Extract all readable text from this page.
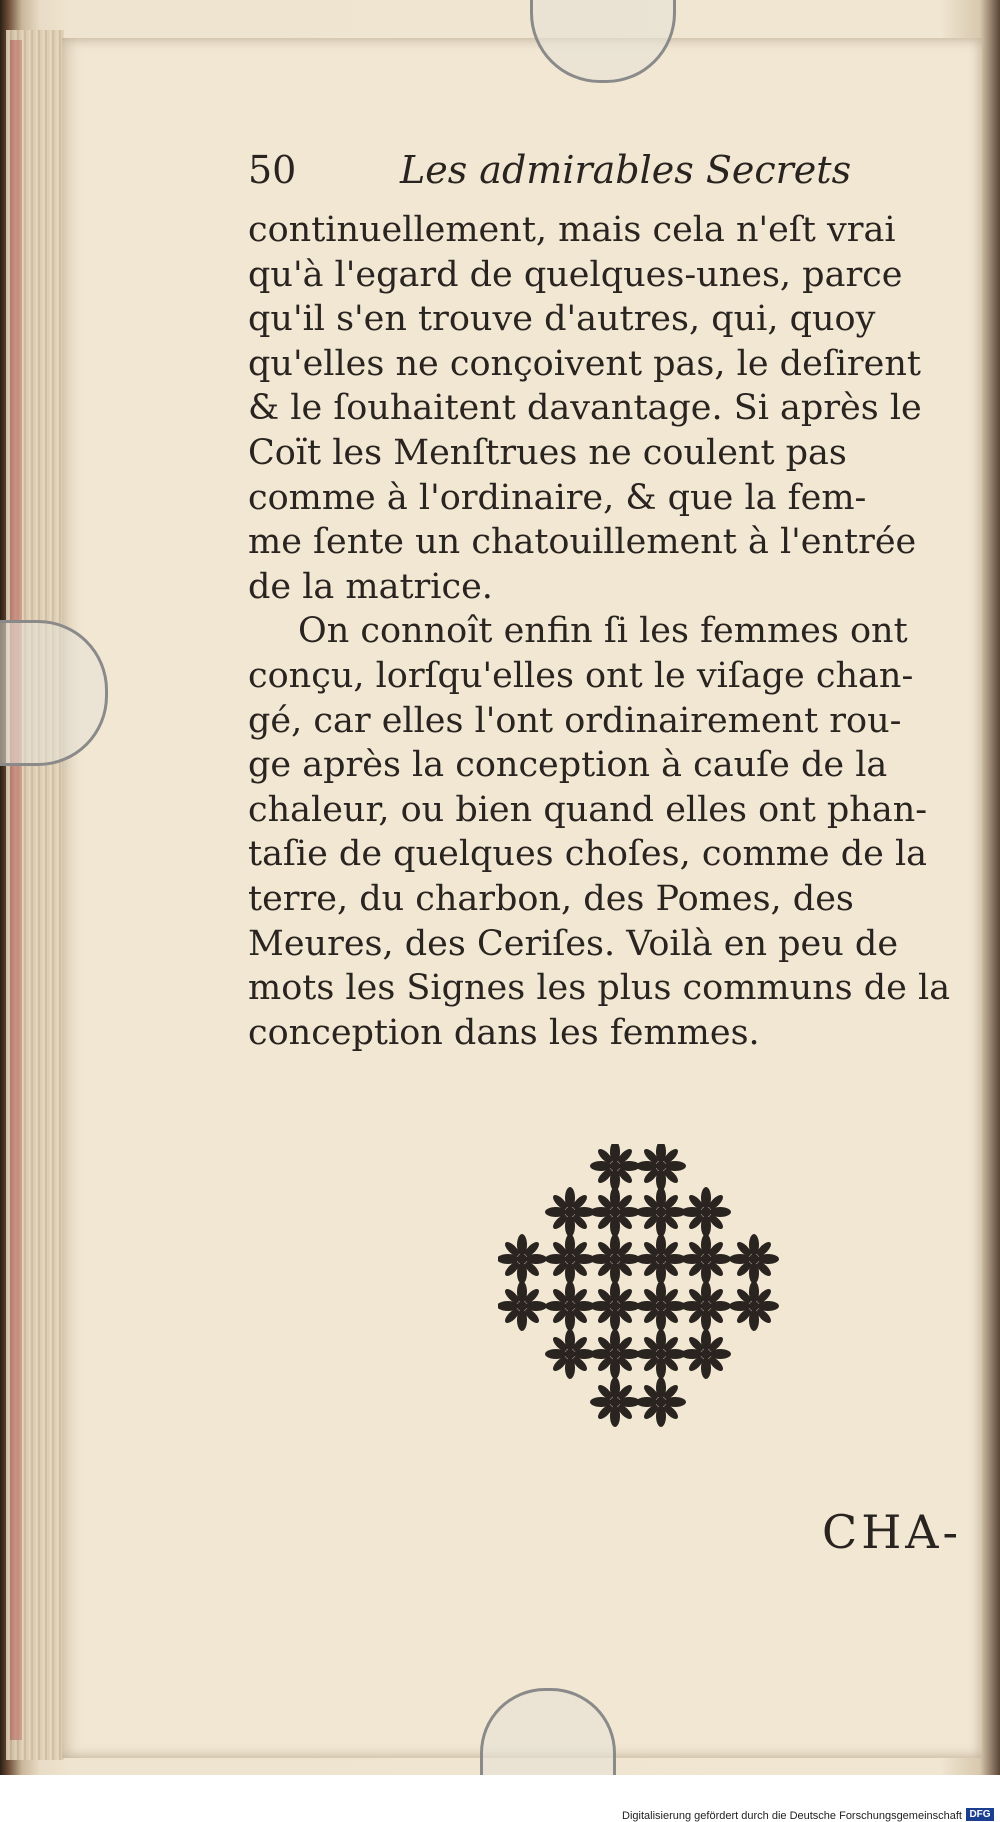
50	Les admirables Secrets
continuellement, mais cela n'eſt vrai
qu'à l'egard de quelques-unes, parce
qu'il s'en trouve d'autres, qui, quoy
qu'elles ne conçoivent pas, le deſirent
& le ſouhaitent davantage. Si après le
Coït les Menſtrues ne coulent pas
comme à l'ordinaire, & que la fem-
me ſente un chatouillement à l'entrée
de la matrice.
On connoît enfin ſi les femmes ont
conçu, lorſqu'elles ont le viſage chan-
gé, car elles l'ont ordinairement rou-
ge après la conception à cauſe de la
chaleur, ou bien quand elles ont phan-
taſie de quelques choſes, comme de la
terre, du charbon, des Pomes, des
Meures, des Ceriſes. Voilà en peu de
mots les Signes les plus communs de la
conception dans les femmes.
CHA-
Digitalisierung gefördert durch die Deutsche Forschungsgemeinschaft DFG
